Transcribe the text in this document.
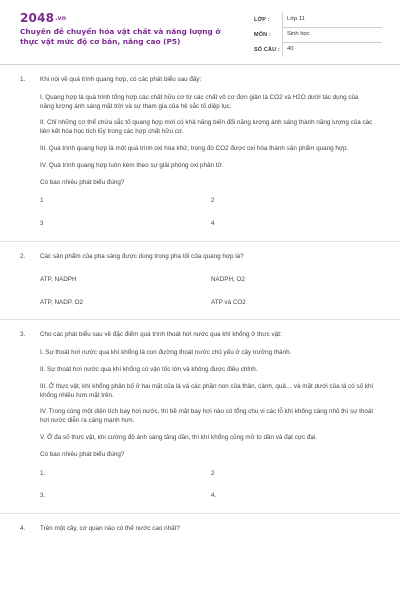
2048.vn
Chuyên đề chuyển hóa vật chất và năng lượng ở thực vật mức độ cơ bản, nâng cao (P5)
LỚP :	Lớp 11
MÔN :	Sinh học
SỐ CÂU :	40
1. Khi nói về quá trình quang hợp, có các phát biểu sau đây:

I. Quang hợp là quá trình tổng hợp các chất hữu cơ từ các chất vô cơ đơn giản là CO2 và H2O dưới tác dụng của năng lượng ánh sáng mặt trời và sự tham gia của hệ sắc tố diệp lục.

II. Chỉ những cơ thể chứa sắc tố quang hợp mới có khả năng biến đổi năng lượng ánh sáng thành năng lượng của các liên kết hóa học tích lũy trong các hợp chất hữu cơ.

III. Quá trình quang hợp là một quá trình oxi hóa khử, trong đó CO2 được oxi hóa thành sản phẩm quang hợp.

IV. Quá trình quang hợp luôn kèm theo sự giải phóng oxi phân tử.

Có bao nhiêu phát biểu đúng?

1	2
3	4
2. Các sản phẩm của pha sáng được dùng trong pha tối của quang hợp là?

ATP, NADPH	NADPH, O2
ATP, NADP, O2	ATP và CO2
3. Cho các phát biểu sau về đặc điểm quá trình thoát hơi nước qua khí khổng ở thực vật:

I. Sự thoát hơi nước qua khí khổng là con đường thoát nước chủ yếu ở cây trưởng thành.

II. Sự thoát hơi nước qua khí khổng có vận tốc lớn và không được điều chỉnh.

III. Ở thực vật, khí khổng phân bố ở hai mặt của lá và các phần non của thân, cành, quả… và mặt dưới của lá có số khí khổng nhiều hơn mặt trên.

IV. Trong cùng một diện tích bay hơi nước, thì bề mặt bay hơi nào có tổng chu vi các lỗ khí khổng càng nhỏ thì sự thoát hơi nước diễn ra càng mạnh hơn.

V. Ở đa số thực vật, khi cường độ ánh sáng tăng dần, thì khí khổng cũng mở to dần và đạt cực đại.

Có bao nhiêu phát biểu đúng?

1.	2
3.	4.
4. Trên một cây, cơ quan nào có thế nước cao nhất?
